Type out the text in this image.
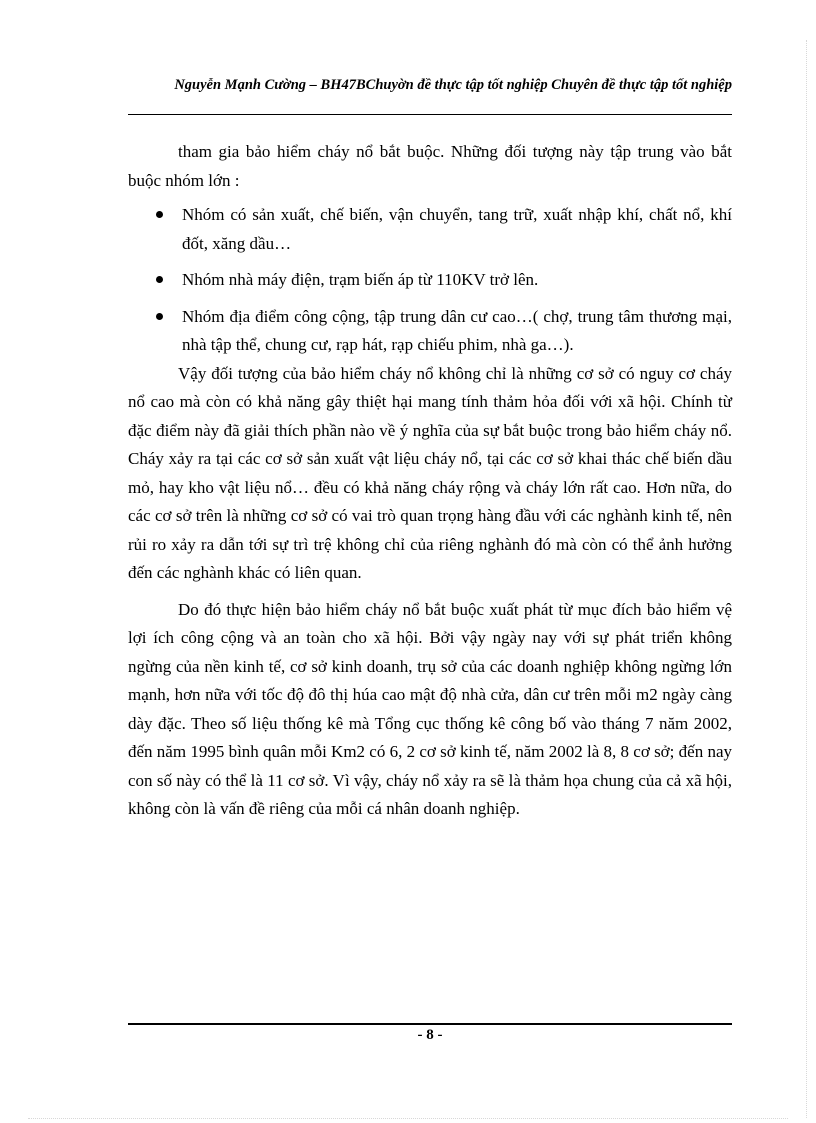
Nguyễn Mạnh Cường – BH47BChuyờn đề thực tập tốt nghiệp Chuyên đề thực tập tốt nghiệp

tham gia bảo hiểm cháy nổ bắt buộc. Những đối tượng này tập trung vào bắt buộc nhóm lớn :

Nhóm có sản xuất, chế biến, vận chuyển, tang trữ, xuất nhập khí, chất nổ, khí đốt, xăng dầu…
Nhóm nhà máy điện, trạm biến áp từ 110KV trở lên.
Nhóm địa điểm công cộng, tập trung dân cư cao…( chợ, trung tâm thương mại, nhà tập thể, chung cư, rạp hát, rạp chiếu phim, nhà ga…).

Vậy đối tượng của bảo hiểm cháy nổ không chỉ là những cơ sở có nguy cơ cháy nổ cao mà còn có khả năng gây thiệt hại mang tính thảm hỏa đối với xã hội. Chính từ đặc điểm này đã giải thích phần nào về ý nghĩa của sự bắt buộc trong bảo hiểm cháy nổ. Cháy xảy ra tại các cơ sở sản xuất vật liệu cháy nổ, tại các cơ sở khai thác chế biến dầu mỏ, hay kho vật liệu nổ… đều có khả năng cháy rộng và cháy lớn rất cao. Hơn nữa, do các cơ sở trên là những cơ sở có vai trò quan trọng hàng đầu với các nghành kinh tế, nên rủi ro xảy ra dẫn tới sự trì trệ không chỉ của riêng nghành đó mà còn có thể ảnh hưởng đến các nghành khác có liên quan.

Do đó thực hiện bảo hiểm cháy nổ bắt buộc xuất phát từ mục đích bảo hiểm vệ lợi ích công cộng và an toàn cho xã hội. Bởi vậy ngày nay với sự phát triển không ngừng của nền kinh tế, cơ sở kinh doanh, trụ sở của các doanh nghiệp không ngừng lớn mạnh, hơn nữa với tốc độ đô thị húa cao mật độ nhà cửa, dân cư trên mỗi m2 ngày càng dày đặc. Theo số liệu thống kê mà Tổng cục thống kê công bố vào tháng 7 năm 2002, đến năm 1995 bình quân mỗi Km2 có 6, 2 cơ sở kinh tế, năm 2002 là 8, 8 cơ sở; đến nay con số này có thể là 11 cơ sở. Vì vậy, cháy nổ xảy ra sẽ là thảm họa chung của cả xã hội, không còn là vấn đề riêng của mỗi cá nhân doanh nghiệp.

- 8 -
